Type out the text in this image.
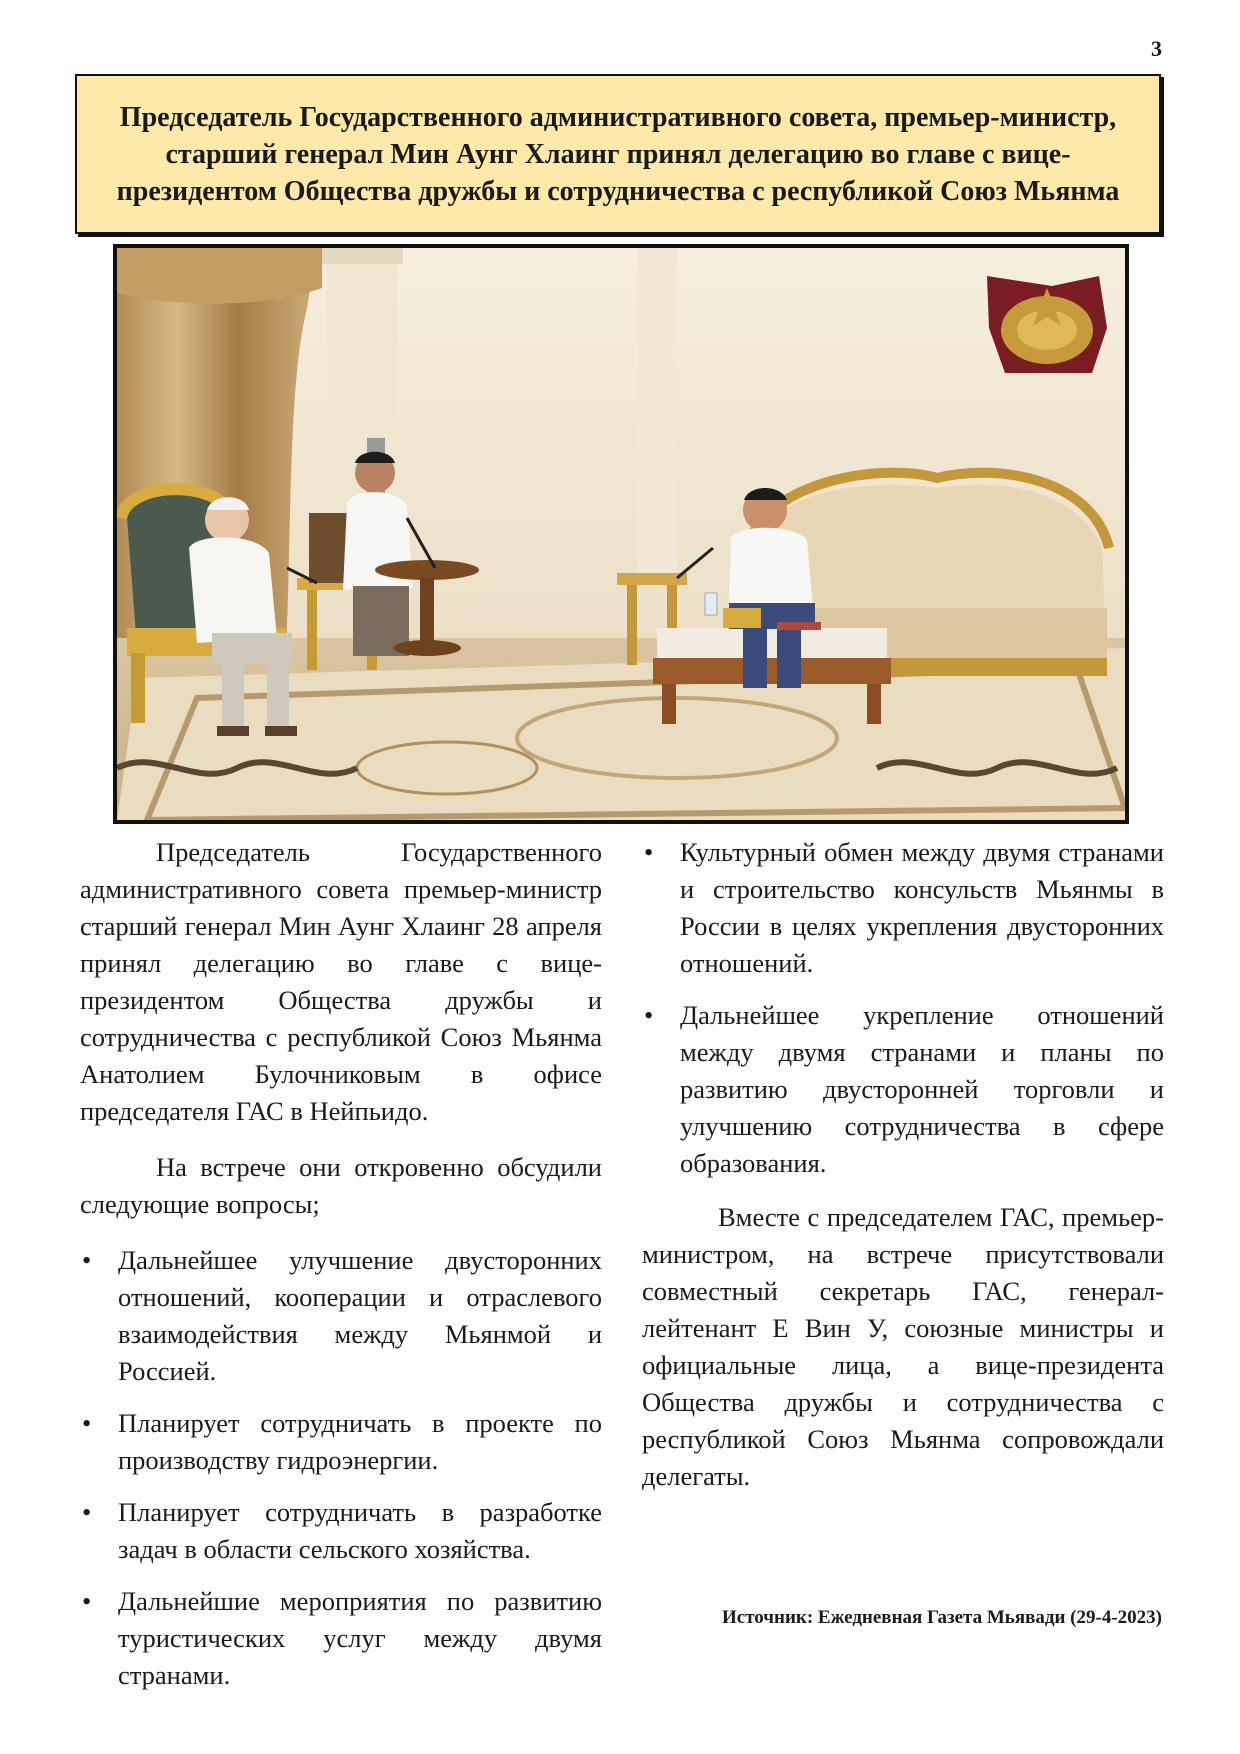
3
Председатель Государственного административного совета, премьер-министр, старший генерал Мин Аунг Хлаинг принял делегацию во главе с вице-президентом Общества дружбы и сотрудничества с республикой Союз Мьянма

Председатель Государственного административного совета премьер-министр старший генерал Мин Аунг Хлаинг 28 апреля принял делегацию во главе с вице-президентом Общества дружбы и сотрудничества с республикой Союз Мьянма Анатолием Булочниковым в офисе председателя ГАС в Нейпьидо.

На встрече они откровенно обсудили следующие вопросы;

• Дальнейшее улучшение двусторонних отношений, кооперации и отраслевого взаимодействия между Мьянмой и Россией.
• Планирует сотрудничать в проекте по производству гидроэнергии.
• Планирует сотрудничать в разработке задач в области сельского хозяйства.
• Дальнейшие мероприятия по развитию туристических услуг между двумя странами.
• Культурный обмен между двумя странами и строительство консульств Мьянмы в России в целях укрепления двусторонних отношений.
• Дальнейшее укрепление отношений между двумя странами и планы по развитию двусторонней торговли и улучшению сотрудничества в сфере образования.

Вместе с председателем ГАС, премьер-министром, на встрече присутствовали совместный секретарь ГАС, генерал-лейтенант Е Вин У, союзные министры и официальные лица, а вице-президента Общества дружбы и сотрудничества с республикой Союз Мьянма сопровождали делегаты.

Источник: Ежедневная Газета Мьявади (29-4-2023)
